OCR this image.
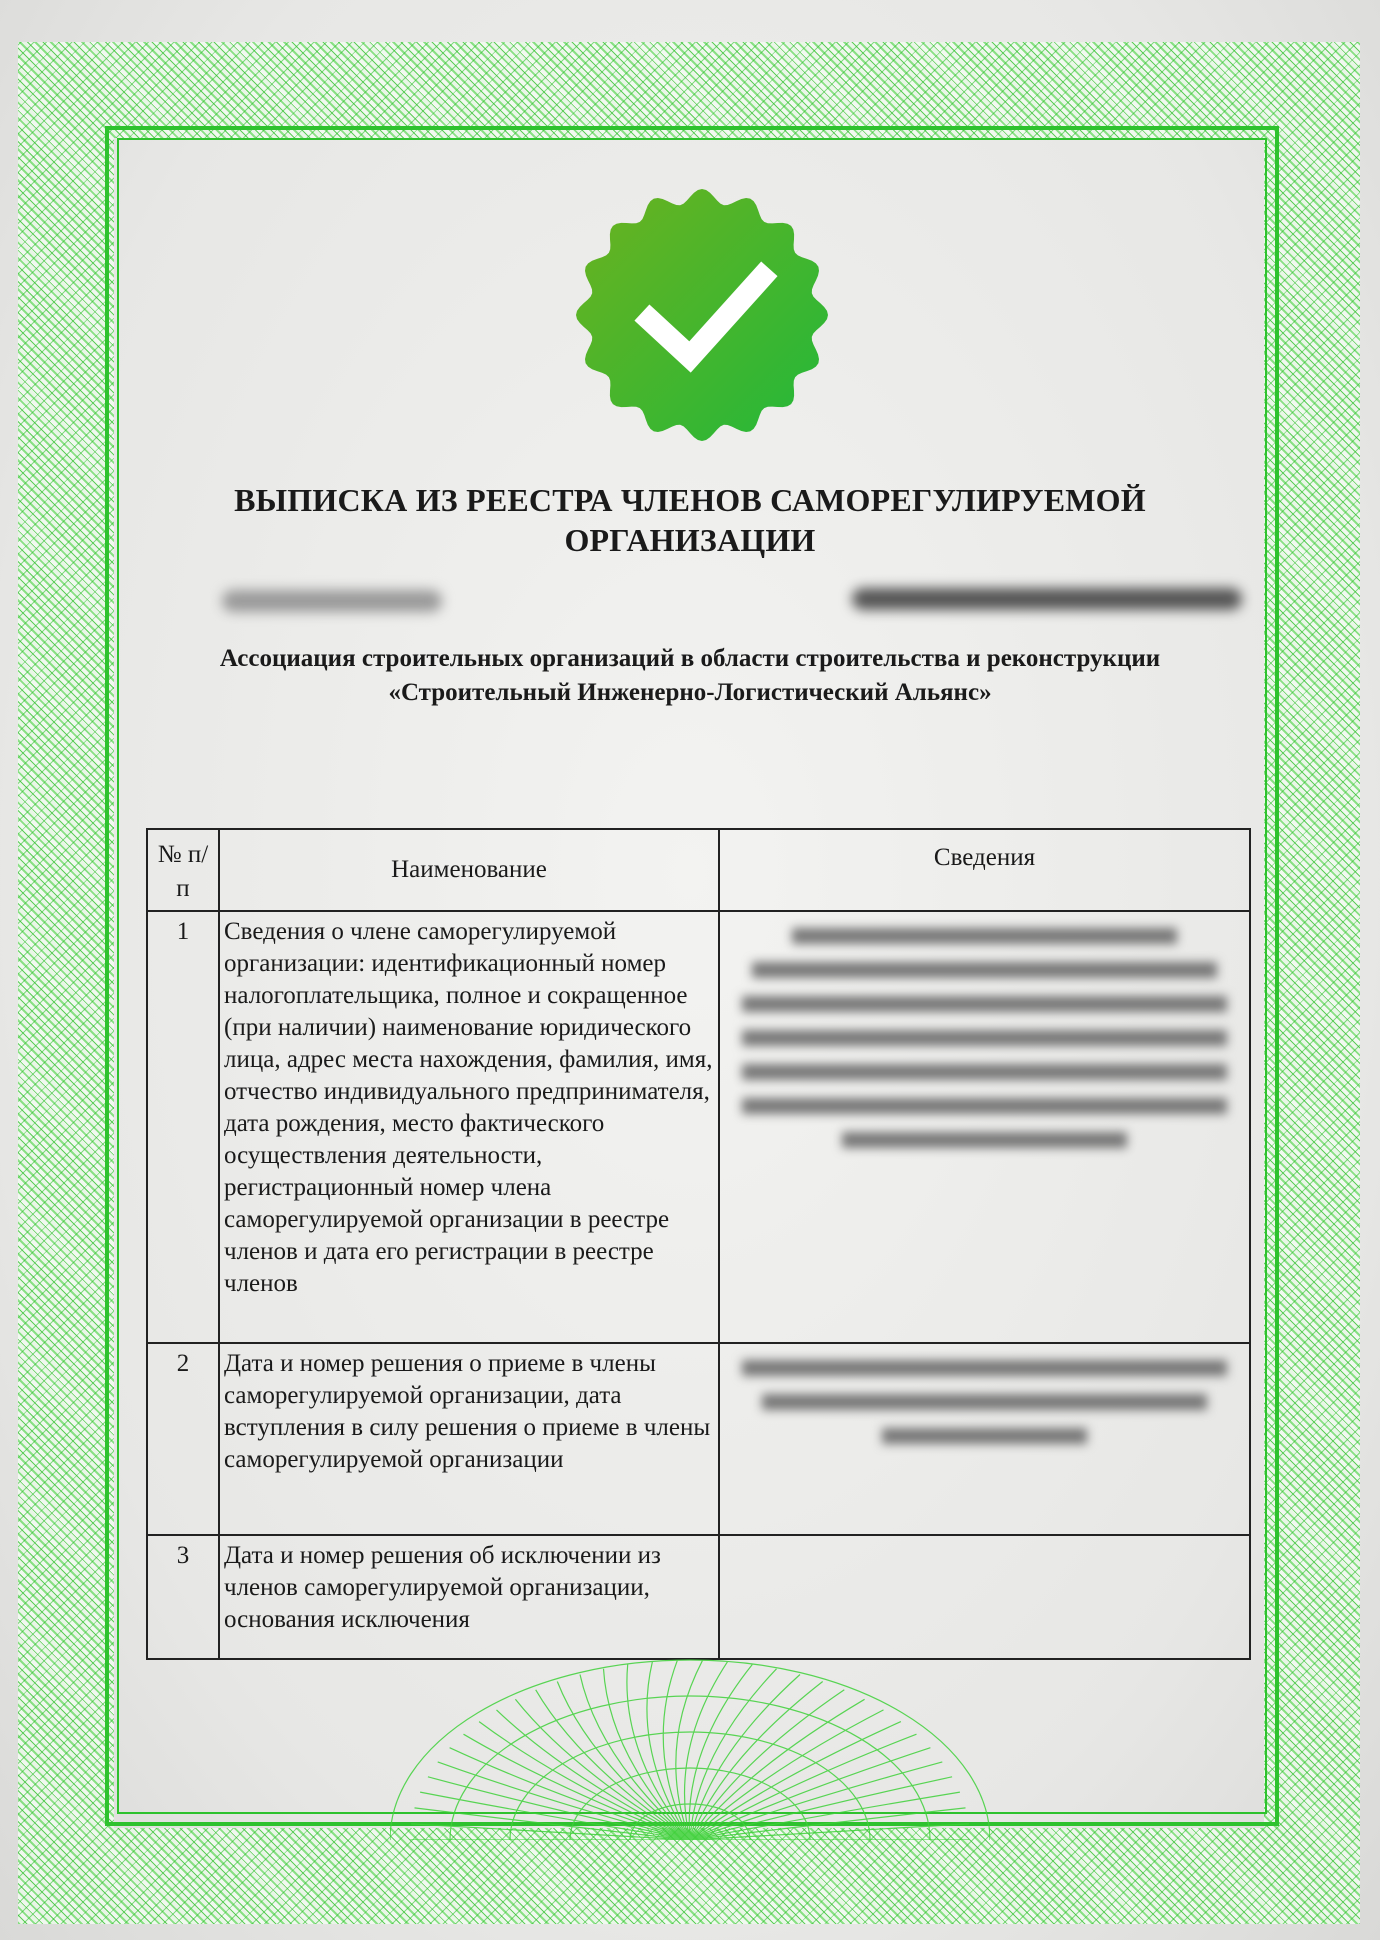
ВЫПИСКА ИЗ РЕЕСТРА ЧЛЕНОВ САМОРЕГУЛИРУЕМОЙ
ОРГАНИЗАЦИИ
Ассоциация строительных организаций в области строительства и реконструкции
«Строительный Инженерно-Логистический Альянс»
№ п/п	Наименование	Сведения
1	Сведения о члене саморегулируемой организации: идентификационный номер налогоплательщика, полное и сокращенное (при наличии) наименование юридического лица, адрес места нахождения, фамилия, имя, отчество индивидуального предпринимателя, дата рождения, место фактического осуществления деятельности, регистрационный номер члена саморегулируемой организации в реестре членов и дата его регистрации в реестре членов	

2	Дата и номер решения о приеме в члены саморегулируемой организации, дата вступления в силу решения о приеме в члены саморегулируемой организации	

3	Дата и номер решения об исключении из членов саморегулируемой организации, основания исключения	
